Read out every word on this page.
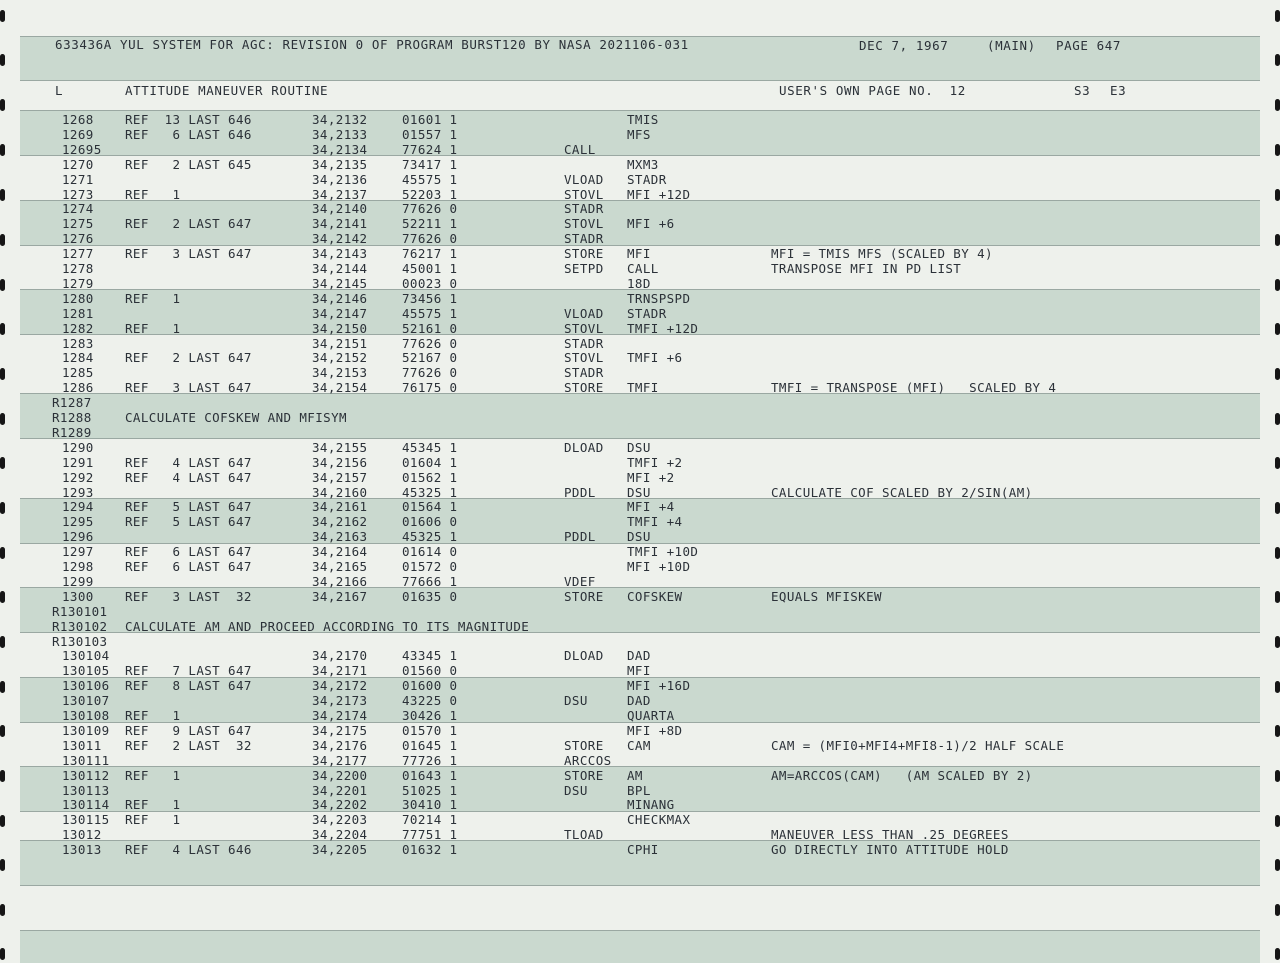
633436A YUL SYSTEM FOR AGC: REVISION 0 OF PROGRAM BURST120 BY NASA 2021106-031	DEC 7, 1967	(MAIN) PAGE 647
L	ATTITUDE MANEUVER ROUTINE	USER'S OWN PAGE NO.  12	S3 E3
1268	REF  13 LAST 646	34,2132	01601 1	TMIS
1269	REF   6 LAST 646	34,2133	01557 1	MFS
12695	34,2134	77624 1	CALL
1270	REF   2 LAST 645	34,2135	73417 1	MXM3
1271	34,2136	45575 1	VLOAD STADR
1273	REF   1	34,2137	52203 1	STOVL MFI +12D
1274	34,2140	77626 0	STADR
1275	REF   2 LAST 647	34,2141	52211 1	STOVL MFI +6
1276	34,2142	77626 0	STADR
1277	REF   3 LAST 647	34,2143	76217 1	STORE MFI	MFI = TMIS MFS (SCALED BY 4)
1278	34,2144	45001 1	SETPD CALL	TRANSPOSE MFI IN PD LIST
1279	34,2145	00023 0	18D
1280	REF   1	34,2146	73456 1	TRNSPSPD
1281	34,2147	45575 1	VLOAD STADR
1282	REF   1	34,2150	52161 0	STOVL TMFI +12D
1283	34,2151	77626 0	STADR
1284	REF   2 LAST 647	34,2152	52167 0	STOVL TMFI +6
1285	34,2153	77626 0	STADR
1286	REF   3 LAST 647	34,2154	76175 0	STORE TMFI	TMFI = TRANSPOSE (MFI)   SCALED BY 4
R1287
R1288	CALCULATE COFSKEW AND MFISYM
R1289
1290	34,2155	45345 1	DLOAD DSU
1291	REF   4 LAST 647	34,2156	01604 1	TMFI +2
1292	REF   4 LAST 647	34,2157	01562 1	MFI +2
1293	34,2160	45325 1	PDDL	DSU	CALCULATE COF SCALED BY 2/SIN(AM)
1294	REF   5 LAST 647	34,2161	01564 1	MFI +4
1295	REF   5 LAST 647	34,2162	01606 0	TMFI +4
1296	34,2163	45325 1	PDDL	DSU
1297	REF   6 LAST 647	34,2164	01614 0	TMFI +10D
1298	REF   6 LAST 647	34,2165	01572 0	MFI +10D
1299	34,2166	77666 1	VDEF
1300	REF   3 LAST  32	34,2167	01635 0	STORE COFSKEW	EQUALS MFISKEW
R130101
R130102 CALCULATE AM AND PROCEED ACCORDING TO ITS MAGNITUDE
R130103
130104	34,2170	43345 1	DLOAD DAD
130105 REF   7 LAST 647	34,2171	01560 0	MFI
130106 REF   8 LAST 647	34,2172	01600 0	MFI +16D
130107	34,2173	43225 0	DSU	DAD
130108 REF   1	34,2174	30426 1	QUARTA
130109 REF   9 LAST 647	34,2175	01570 1	MFI +8D
13011 REF   2 LAST  32	34,2176	01645 1	STORE CAM	CAM = (MFI0+MFI4+MFI8-1)/2 HALF SCALE
130111	34,2177	77726 1	ARCCOS
130112 REF   1	34,2200	01643 1	STORE AM	AM=ARCCOS(CAM)   (AM SCALED BY 2)
130113	34,2201	51025 1	DSU	BPL
130114 REF   1	34,2202	30410 1	MINANG
130115 REF   1	34,2203	70214 1	CHECKMAX
13012	34,2204	77751 1	TLOAD	MANEUVER LESS THAN .25 DEGREES
13013 REF   4 LAST 646	34,2205	01632 1	CPHI	GO DIRECTLY INTO ATTITUDE HOLD
